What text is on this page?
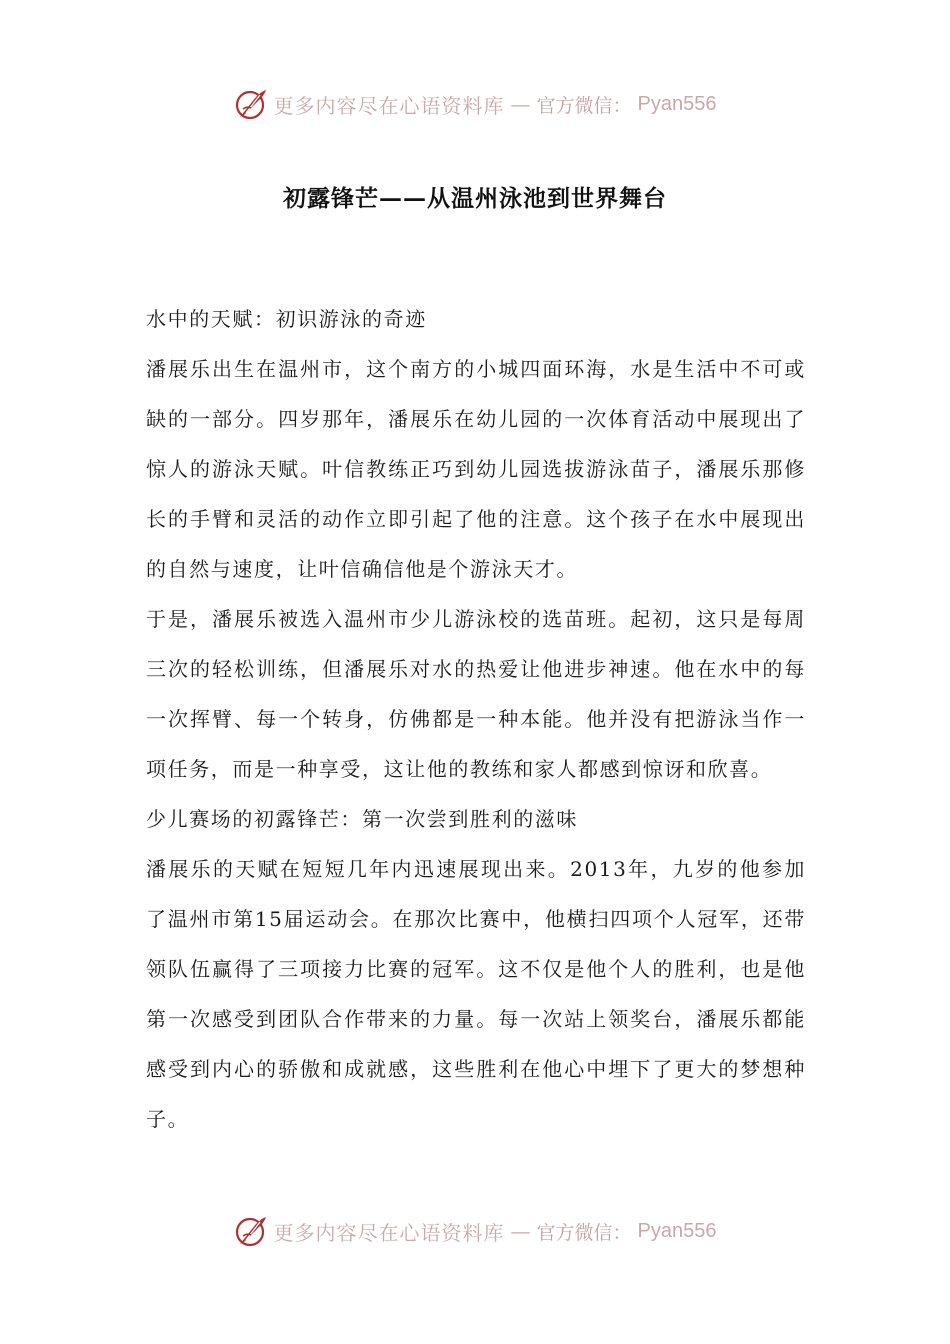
更多内容尽在心语资料库 — 官方微信： Pyan556
初露锋芒——从温州泳池到世界舞台

水中的天赋：初识游泳的奇迹

潘展乐出生在温州市，这个南方的小城四面环海，水是生活中不可或缺的一部分。四岁那年，潘展乐在幼儿园的一次体育活动中展现出了惊人的游泳天赋。叶信教练正巧到幼儿园选拔游泳苗子，潘展乐那修长的手臂和灵活的动作立即引起了他的注意。这个孩子在水中展现出的自然与速度，让叶信确信他是个游泳天才。

于是，潘展乐被选入温州市少儿游泳校的选苗班。起初，这只是每周三次的轻松训练，但潘展乐对水的热爱让他进步神速。他在水中的每一次挥臂、每一个转身，仿佛都是一种本能。他并没有把游泳当作一项任务，而是一种享受，这让他的教练和家人都感到惊讶和欣喜。

少儿赛场的初露锋芒：第一次尝到胜利的滋味

潘展乐的天赋在短短几年内迅速展现出来。2013年，九岁的他参加了温州市第15届运动会。在那次比赛中，他横扫四项个人冠军，还带领队伍赢得了三项接力比赛的冠军。这不仅是他个人的胜利，也是他第一次感受到团队合作带来的力量。每一次站上领奖台，潘展乐都能感受到内心的骄傲和成就感，这些胜利在他心中埋下了更大的梦想种子。

更多内容尽在心语资料库 — 官方微信： Pyan556
